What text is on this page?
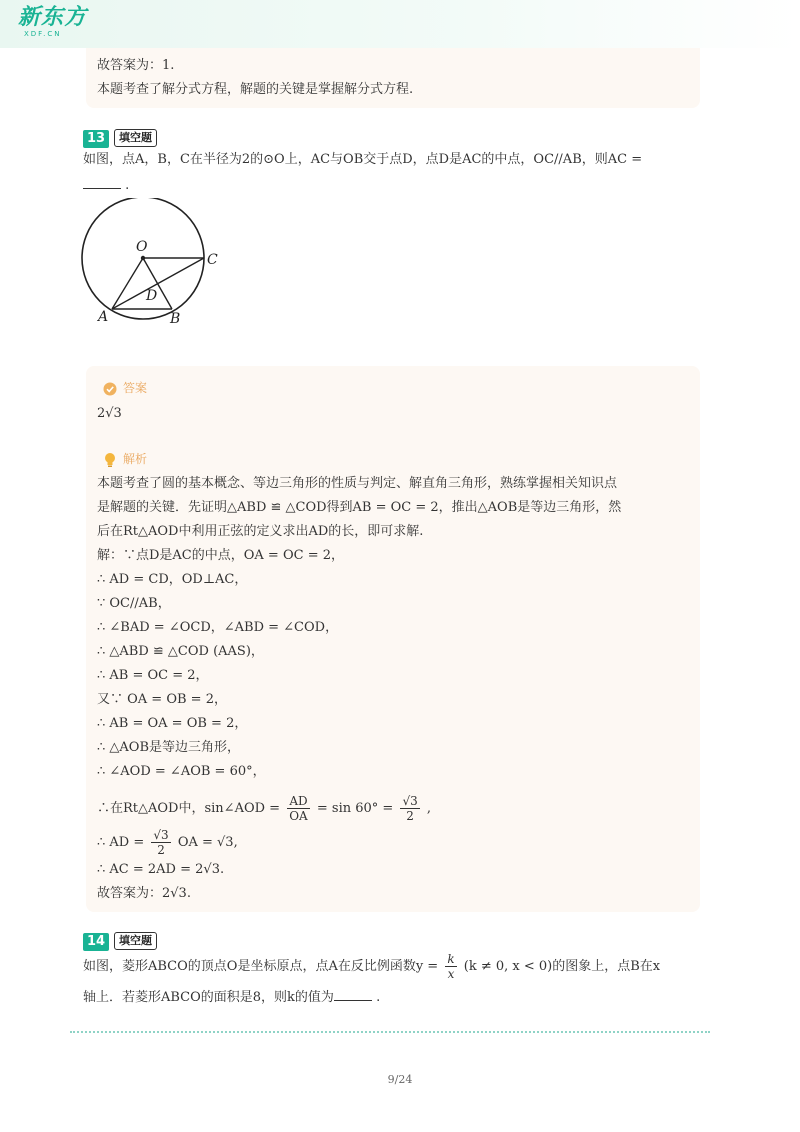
新东方
XDF.CN
故答案为：1.
本题考查了解分式方程，解题的关键是掌握解分式方程.
13	填空题
如图，点A，B，C在半径为2的⊙O上，AC与OB交于点D，点D是AC的中点，OC//AB，则AC =
.
O
C
D
A	B
答案
2√3
解析
本题考查了圆的基本概念、等边三角形的性质与判定、解直角三角形，熟练掌握相关知识点
是解题的关键．先证明△ABD ≌ △COD得到AB = OC = 2，推出△AOB是等边三角形，然
后在Rt△AOD中利用正弦的定义求出AD的长，即可求解.
解：∵点D是AC的中点，OA = OC = 2，
∴ AD = CD，OD⊥AC，
∵ OC//AB，
∴ ∠BAD = ∠OCD，∠ABD = ∠COD，
∴ △ABD ≌ △COD (AAS)，
∴ AB = OC = 2，
又∵ OA = OB = 2，
∴ AB = OA = OB = 2，
∴ △AOB是等边三角形，
∴ ∠AOD = ∠AOB = 60°，
∴在Rt△AOD中，sin∠AOD = $\frac{AD}{OA} = \sin 60^\circ = \frac{√3}{2}$ ,
∴ AD = $\frac{√3}{2}$ OA = √3,
∴ AC = 2AD = 2√3.
故答案为：2√3.
14	填空题
如图，菱形ABCO的顶点O是坐标原点，点A在反比例函数$y = \frac{k}{x} (k \ne 0$, x < 0)的图象上，点B在x
轴上．若菱形ABCO的面积是8，则k的值为	.
9/24
